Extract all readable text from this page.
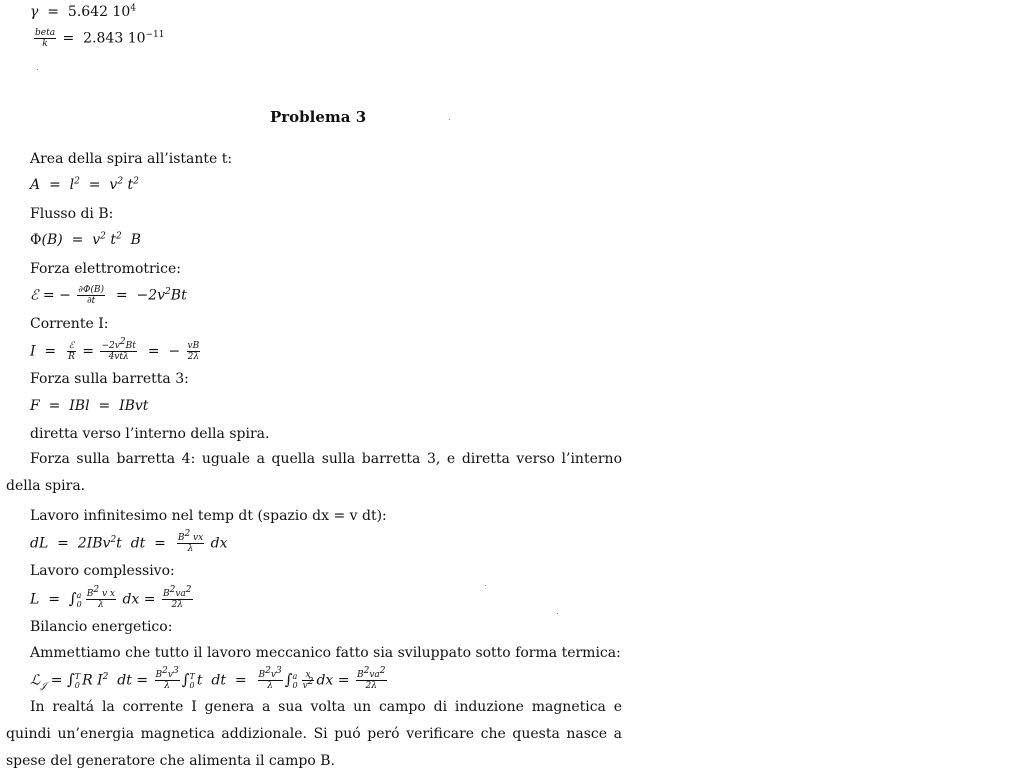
γ  =  5.642 $10^4$
$\frac{\text{beta}}{k} = 2.843$ $10^{-11}$
Problema 3
Area della spira all’istante t:
$A = l^2 = v^2$ $t^2$
Flusso di B:
$\Phi(B) = v^2$ $t^2$  B
Forza elettromotrice:
ℰ = − $\frac{\partial\Phi(B)}{\partial t} = -2v^2Bt$
Corrente I:
$I = \frac{\text{ℰ}}{R} = \frac{-2v^2Bt}{\text{4vtλ}}$ =  − $\frac{vB}{2\lambda}$
Forza sulla barretta 3:
F  =  IBl  =  IBvt
diretta verso l’interno della spira.
Forza sulla barretta 4: uguale a quella sulla barretta 3, e diretta verso l’interno della spira.
Lavoro infinitesimo nel temp dt (spazio dx = v dt):
dL  =  2IBv$^2$t  dt  = $\frac{B^2 vx}{\lambda}$ dx
Lavoro complessivo:
L  =  ∫ a
$0 \frac{B^2 v x}{\lambda}$ dx = $\frac{B^2va^2}{2\lambda}$
Bilancio energetico:
Ammettiamo che tutto il lavoro meccanico fatto sia sviluppato sotto forma termica:
ℒ$_𝒥$ = ∫ T
0 R $I^2$  dt = $\frac{B^2v^3}{\lambda}$ ∫ T
0 t  dt  = $\frac{B^2v^3}{\lambda}$ ∫ a
$0 \frac{x}{v^2}$ dx = $\frac{B^2va^2}{2\lambda}$
In realtá la corrente I genera a sua volta un campo di induzione magnetica e quindi un’energia magnetica addizionale. Si puó peró verificare che questa nasce a spese del generatore che alimenta il campo B.
